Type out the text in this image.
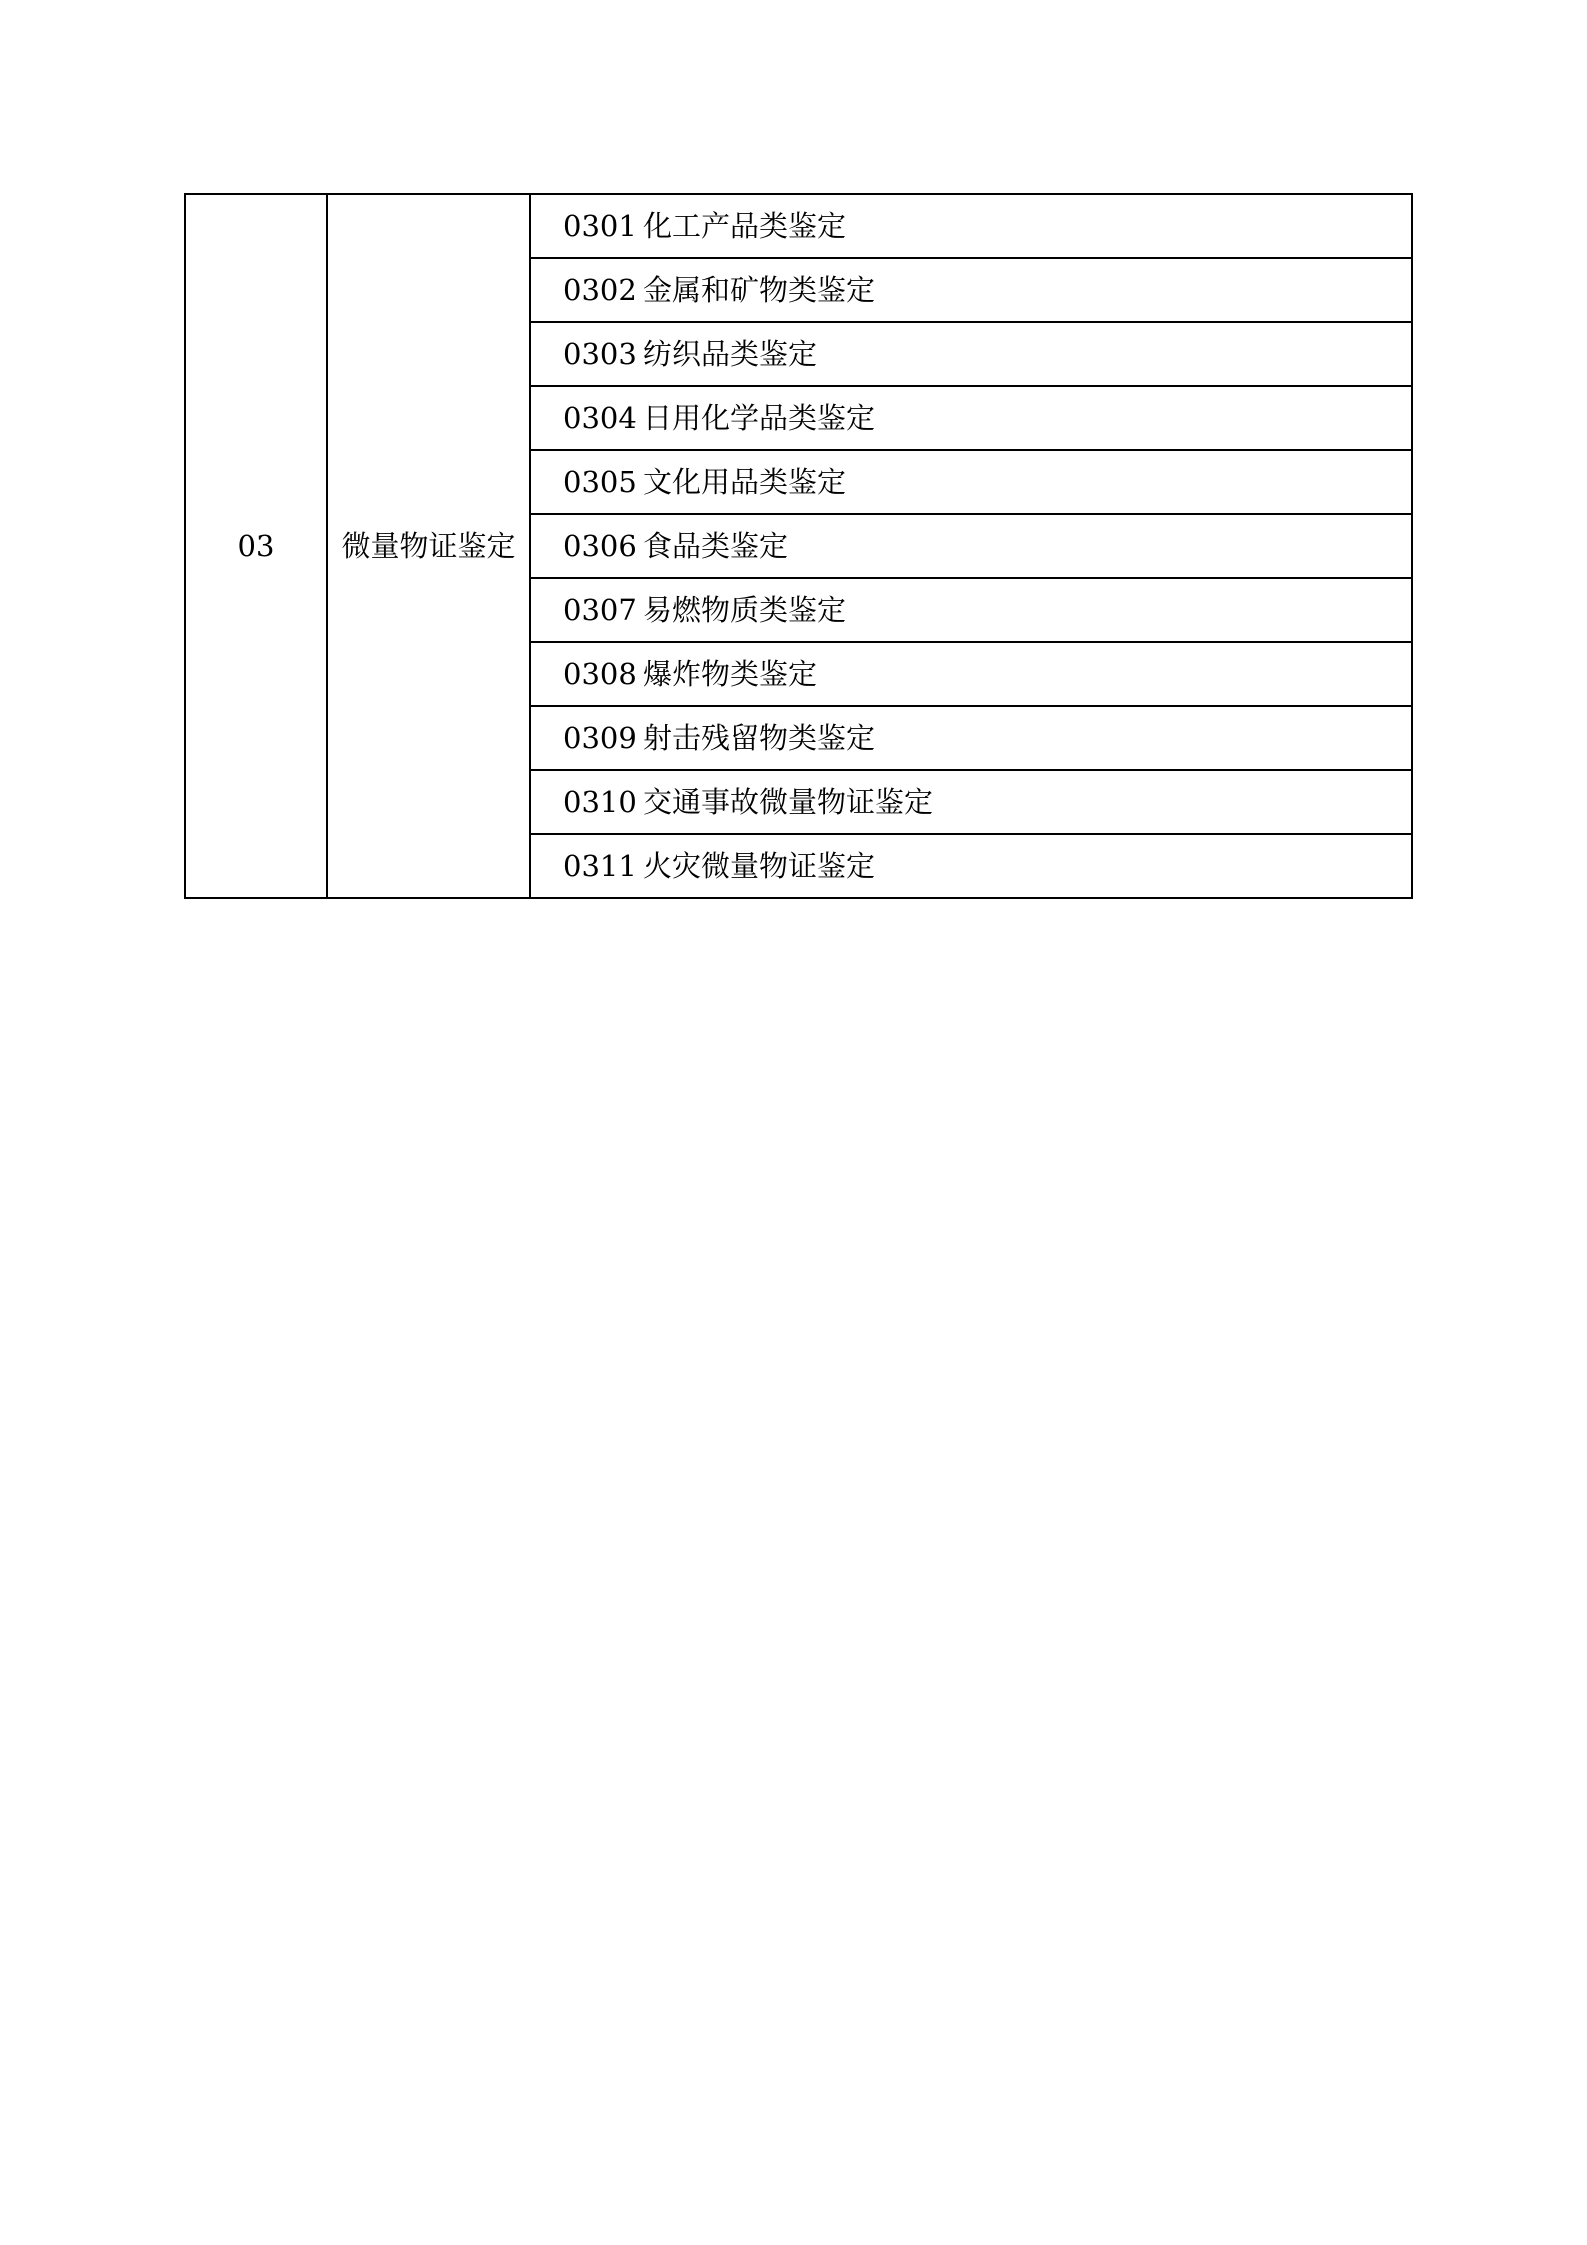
03	微量物证鉴定	0301 化工产品类鉴定
0302 金属和矿物类鉴定
0303 纺织品类鉴定
0304 日用化学品类鉴定
0305 文化用品类鉴定
0306 食品类鉴定
0307 易燃物质类鉴定
0308 爆炸物类鉴定
0309 射击残留物类鉴定
0310 交通事故微量物证鉴定
0311 火灾微量物证鉴定
